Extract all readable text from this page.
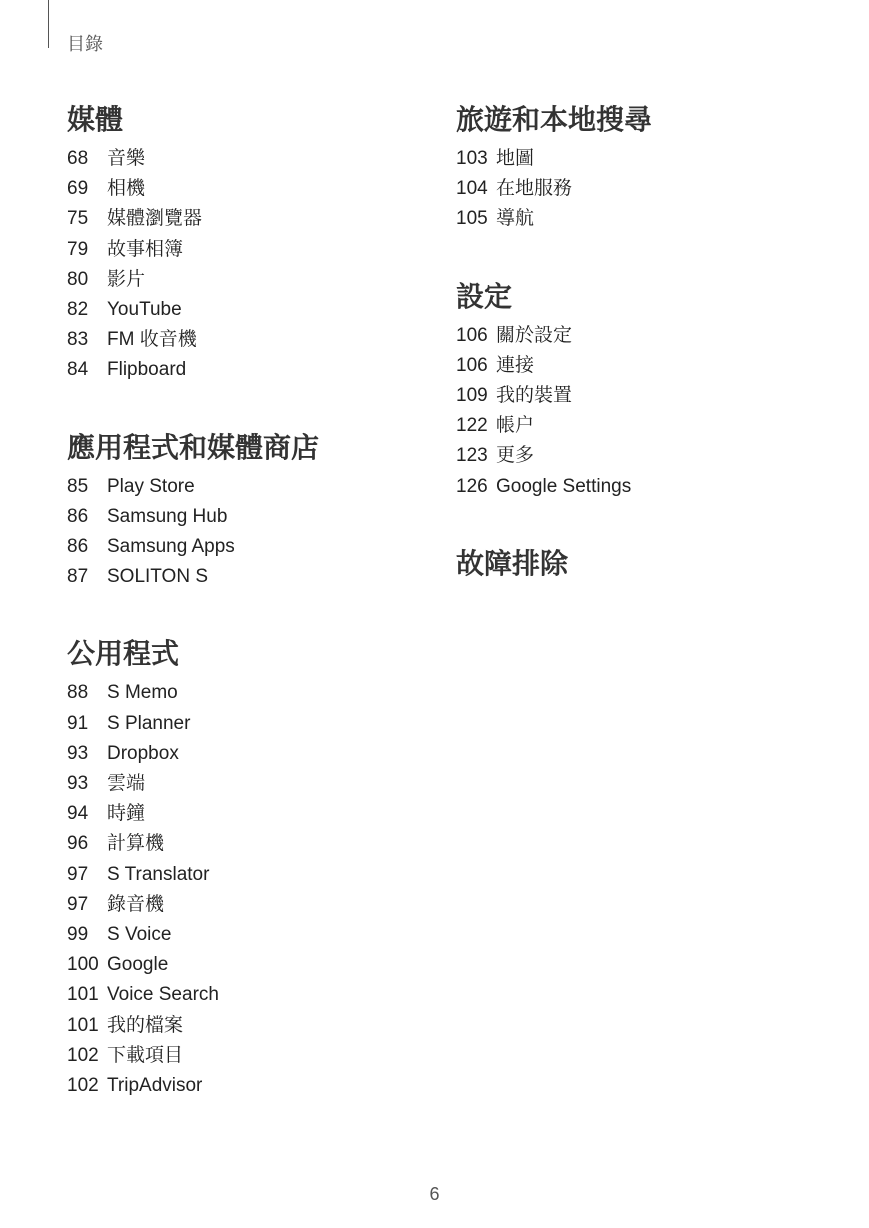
目錄
媒體
68 音樂
69 相機
75 媒體瀏覽器
79 故事相簿
80 影片
82 YouTube
83 FM 收音機
84 Flipboard
應用程式和媒體商店
85 Play Store
86 Samsung Hub
86 Samsung Apps
87 SOLITON S
公用程式
88 S Memo
91 S Planner
93 Dropbox
93 雲端
94 時鐘
96 計算機
97 S Translator
97 錄音機
99 S Voice
100 Google
101 Voice Search
101 我的檔案
102 下載項目
102 TripAdvisor
旅遊和本地搜尋
103 地圖
104 在地服務
105 導航
設定
106 關於設定
106 連接
109 我的裝置
122 帳户
123 更多
126 Google Settings
故障排除
6
